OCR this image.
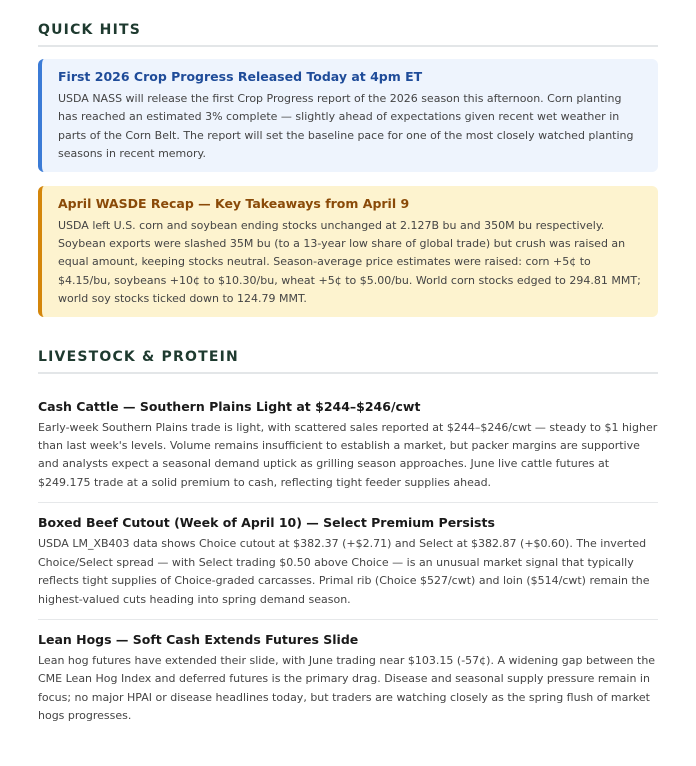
QUICK HITS
First 2026 Crop Progress Released Today at 4pm ET

USDA NASS will release the first Crop Progress report of the 2026 season this afternoon. Corn planting has reached an estimated 3% complete — slightly ahead of expectations given recent wet weather in parts of the Corn Belt. The report will set the baseline pace for one of the most closely watched planting seasons in recent memory.

April WASDE Recap — Key Takeaways from April 9

USDA left U.S. corn and soybean ending stocks unchanged at 2.127B bu and 350M bu respectively. Soybean exports were slashed 35M bu (to a 13-year low share of global trade) but crush was raised an equal amount, keeping stocks neutral. Season-average price estimates were raised: corn +5¢ to $4.15/bu, soybeans +10¢ to $10.30/bu, wheat +5¢ to $5.00/bu. World corn stocks edged to 294.81 MMT; world soy stocks ticked down to 124.79 MMT.

LIVESTOCK & PROTEIN
Cash Cattle — Southern Plains Light at $244–$246/cwt

Early-week Southern Plains trade is light, with scattered sales reported at $244–$246/cwt — steady to $1 higher than last week's levels. Volume remains insufficient to establish a market, but packer margins are supportive and analysts expect a seasonal demand uptick as grilling season approaches. June live cattle futures at $249.175 trade at a solid premium to cash, reflecting tight feeder supplies ahead.

Boxed Beef Cutout (Week of April 10) — Select Premium Persists

USDA LM_XB403 data shows Choice cutout at $382.37 (+$2.71) and Select at $382.87 (+$0.60). The inverted Choice/Select spread — with Select trading $0.50 above Choice — is an unusual market signal that typically reflects tight supplies of Choice-graded carcasses. Primal rib (Choice $527/cwt) and loin ($514/cwt) remain the highest-valued cuts heading into spring demand season.

Lean Hogs — Soft Cash Extends Futures Slide

Lean hog futures have extended their slide, with June trading near $103.15 (-57¢). A widening gap between the CME Lean Hog Index and deferred futures is the primary drag. Disease and seasonal supply pressure remain in focus; no major HPAI or disease headlines today, but traders are watching closely as the spring flush of market hogs progresses.
